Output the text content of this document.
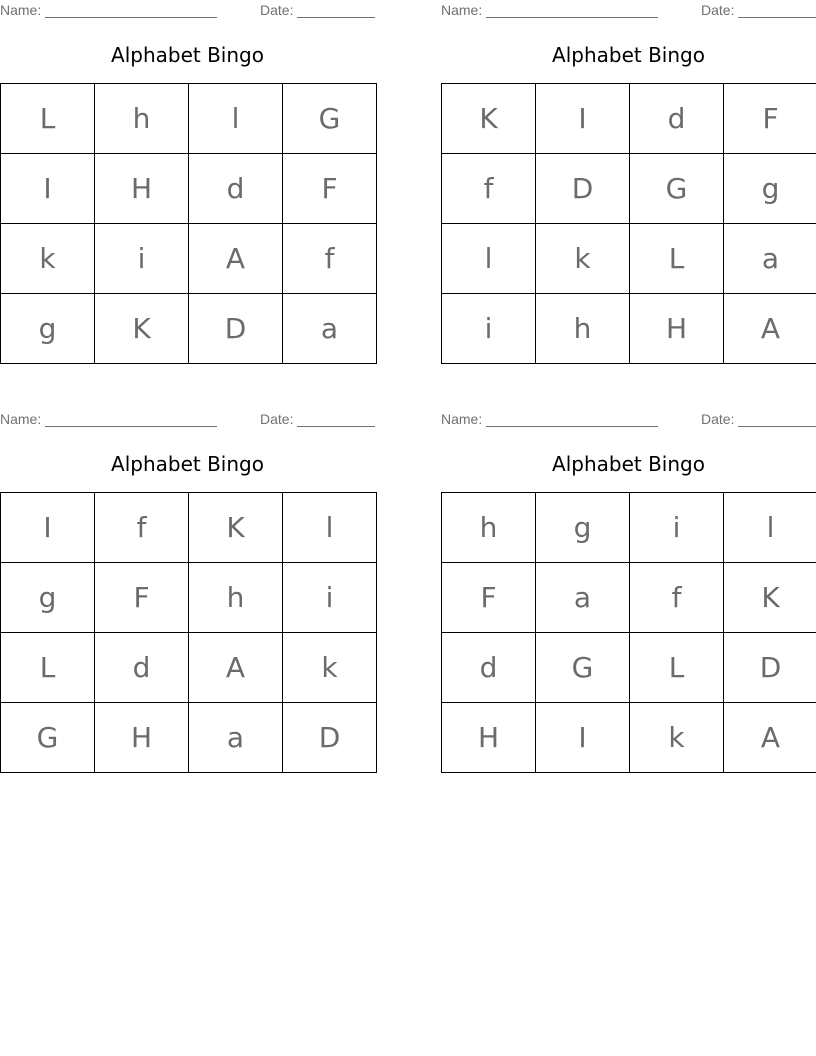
Name:	Date:
Alphabet Bingo
L	h	l	G
I	H	d	F
k	i	A	f
g	K	D	a
Name:	Date:
Alphabet Bingo
K	I	d	F
f	D	G	g
l	k	L	a
i	h	H	A
Name:	Date:
Alphabet Bingo
I	f	K	l
g	F	h	i
L	d	A	k
G	H	a	D
Name:	Date:
Alphabet Bingo
h	g	i	l
F	a	f	K
d	G	L	D
H	I	k	A
